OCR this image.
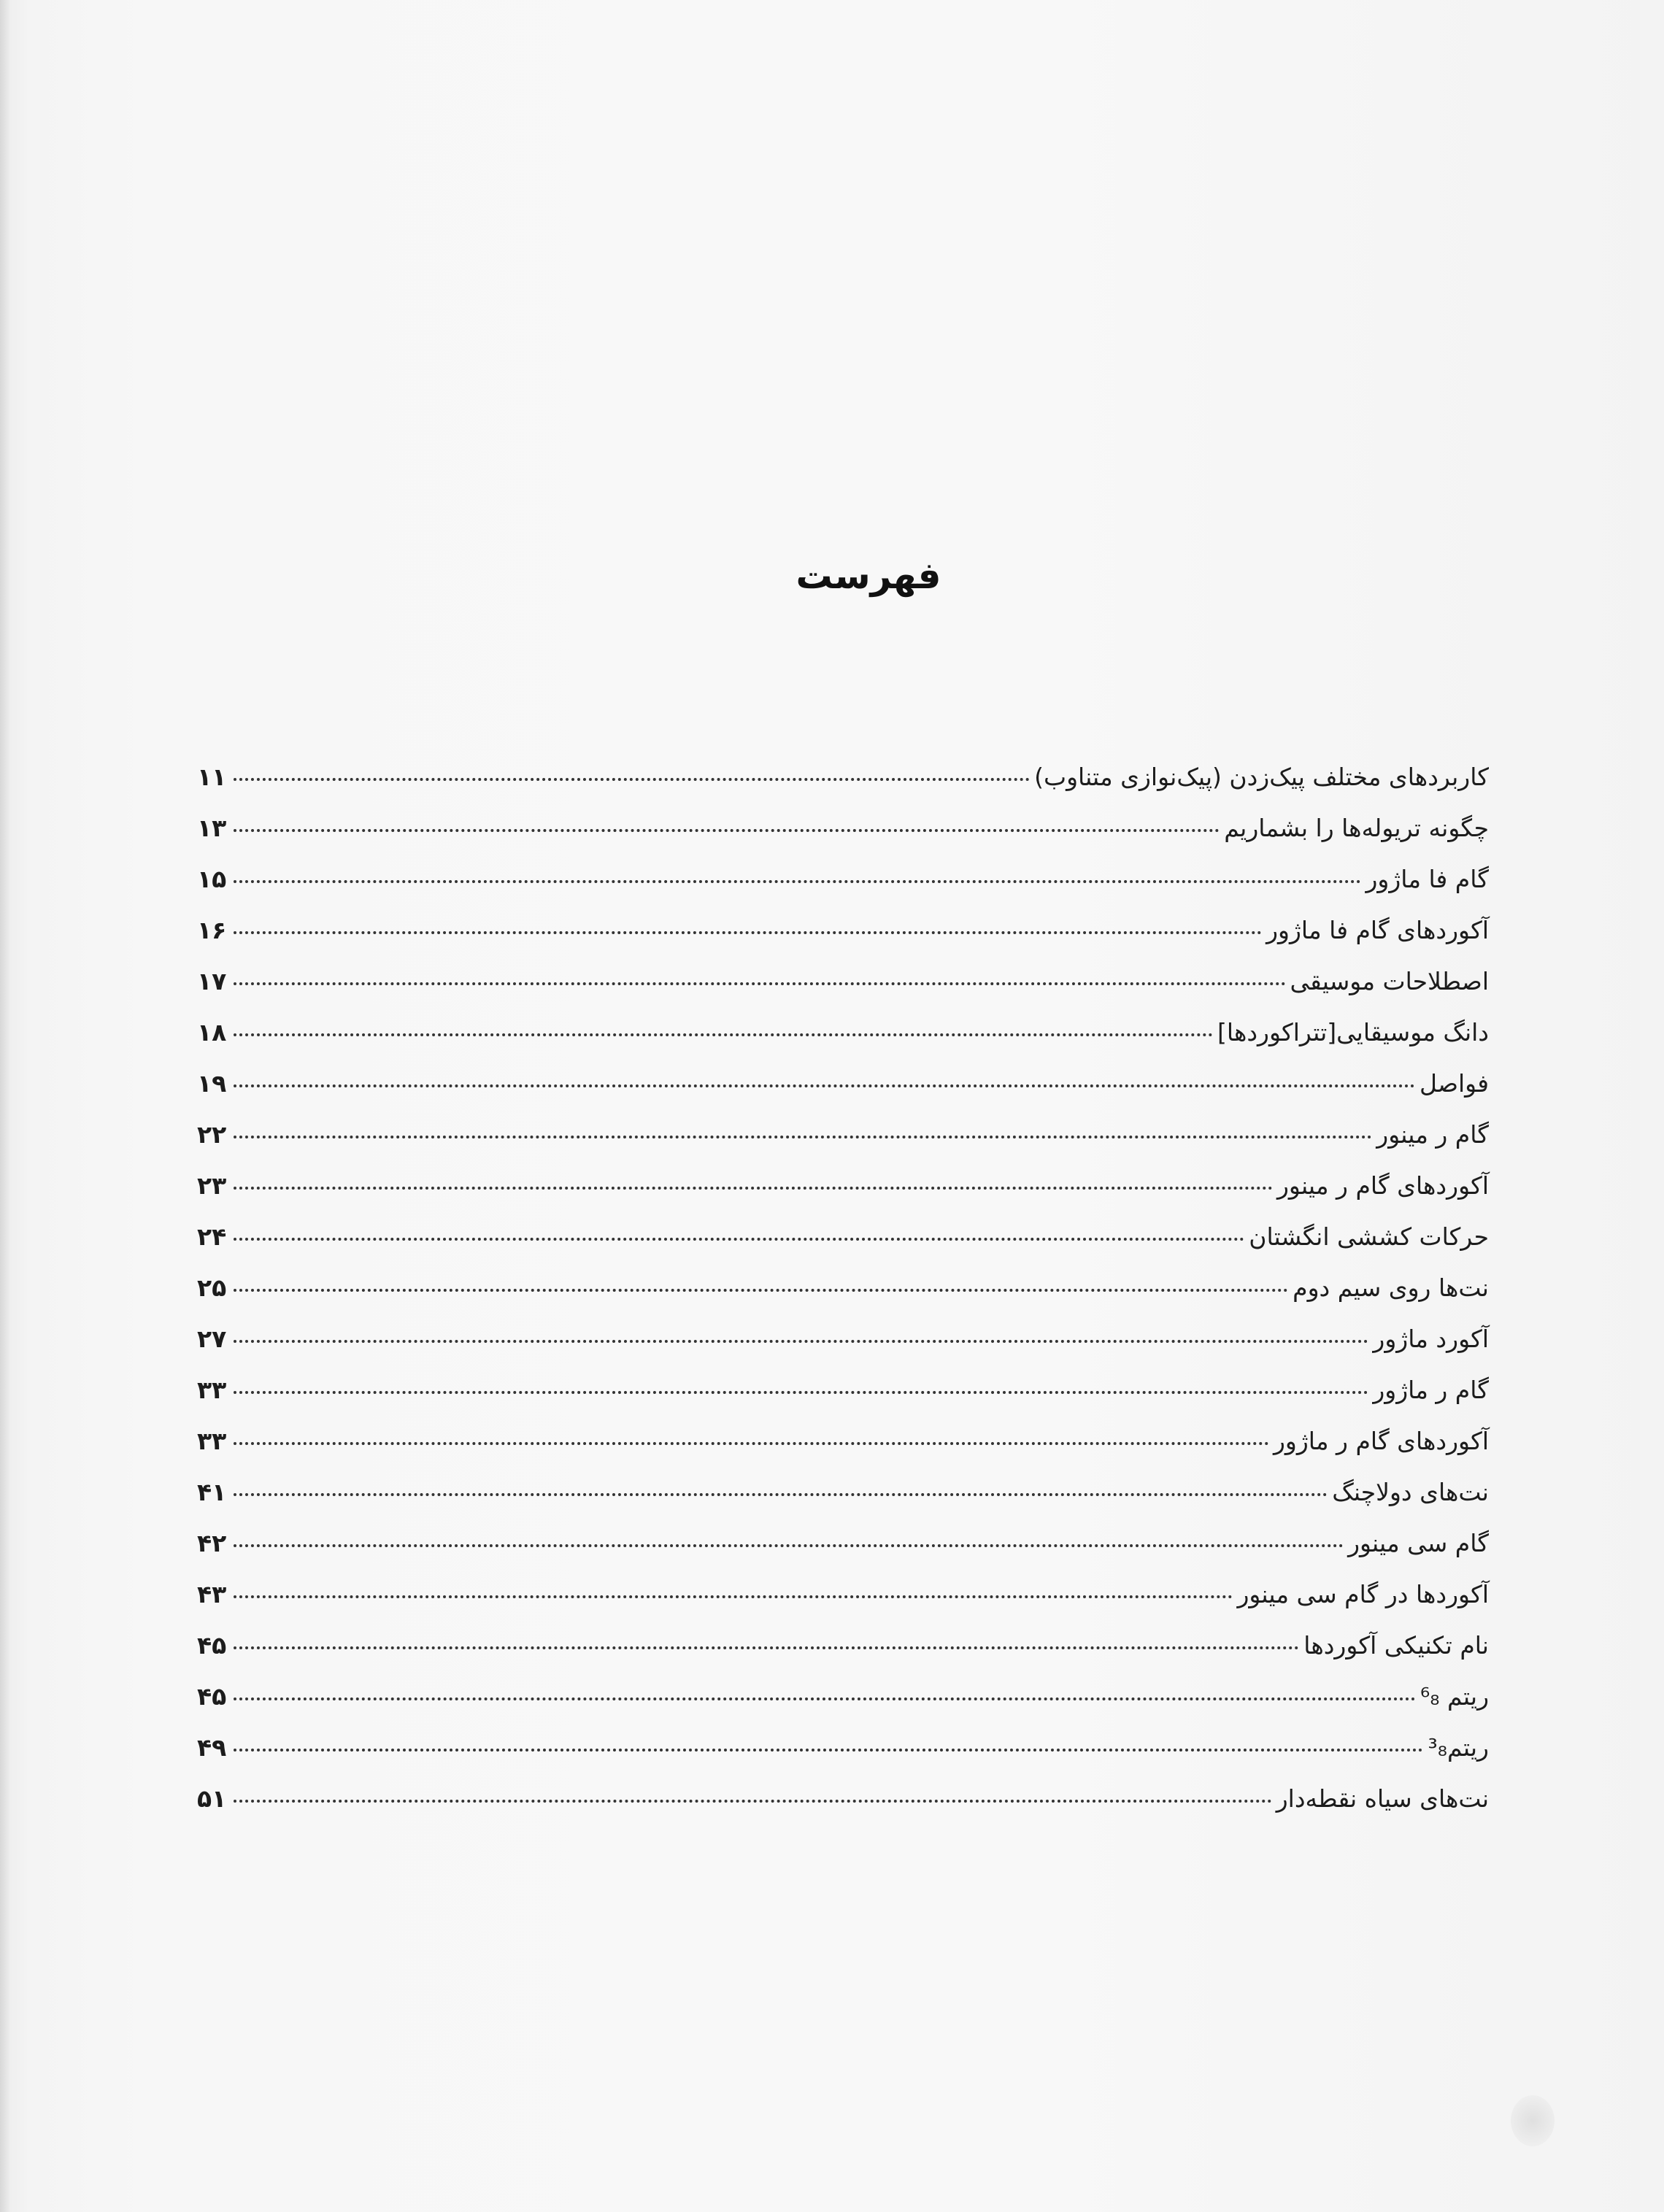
فهرست
کاربردهای مختلف پیک‌زدن (پیک‌نوازی متناوب)
۱۱
چگونه تریوله‌ها را بشماریم
۱۳
گام فا ماژور
۱۵
آکوردهای گام فا ماژور
۱۶
اصطلاحات موسیقی
۱۷
دانگ موسیقایی[تتراکوردها]
۱۸
فواصل
۱۹
گام ر مینور
۲۲
آکوردهای گام ر مینور
۲۳
حرکات کششی انگشتان
۲۴
نت‌ها روی سیم دوم
۲۵
آکورد ماژور
۲۷
گام ر ماژور
۳۳
آکوردهای گام ر ماژور
۳۳
نت‌های دولاچنگ
۴۱
گام سی مینور
۴۲
آکوردها در گام سی مینور
۴۳
نام تکنیکی آکوردها
۴۵
ریتم ⁶₈
۴۵
ریتم³₈
۴۹
نت‌های سیاه نقطه‌دار
۵۱
